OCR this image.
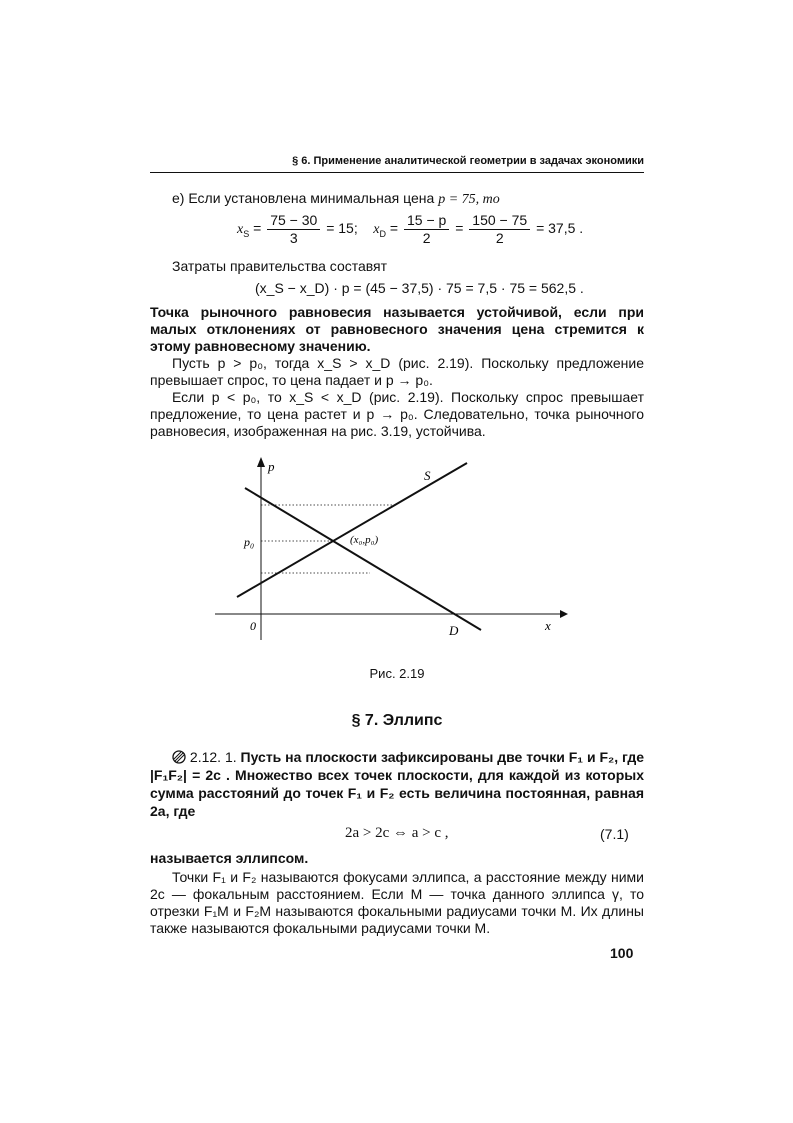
§ 6. Применение аналитической геометрии в задачах экономики
е) Если установлена минимальная цена p = 75, то
$x_S = \frac{75 - 30}{3} = 15$; $x_D = \frac{15 - p}{2} = \frac{150 - 75}{2} = 37,5$ .
Затраты правительства составят
(x_S − x_D) · p = (45 − 37,5) · 75 = 7,5 · 75 = 562,5 .
Точка рыночного равновесия называется устойчивой, если при малых отклонениях от равновесного значения цена стремится к этому равновесному значению.
Пусть p > p₀, тогда x_S > x_D (рис. 2.19). Поскольку предложение превышает спрос, то цена падает и p → p₀.
Если p < p₀, то x_S < x_D (рис. 2.19). Поскольку спрос превышает предложение, то цена растет и p → p₀. Следовательно, точка рыночного равновесия, изображенная на рис. 3.19, устойчива.
p
x
0
p₀	(x₀,p₀)
S
D
Рис. 2.19
§ 7. Эллипс
2.12. 1. Пусть на плоскости зафиксированы две точки F₁ и F₂, где |F₁F₂| = 2c . Множество всех точек плоскости, для каждой из которых сумма расстояний до точек F₁ и F₂ есть величина постоянная, равная 2a, где
2a > 2c ⇔ a > c ,	(7.1)
называется эллипсом.
Точки F₁ и F₂ называются фокусами эллипса, а расстояние между ними 2c — фокальным расстоянием. Если M — точка данного эллипса γ, то отрезки F₁M и F₂M называются фокальными радиусами точки M. Их длины также называются фокальными радиусами точки M.
100
